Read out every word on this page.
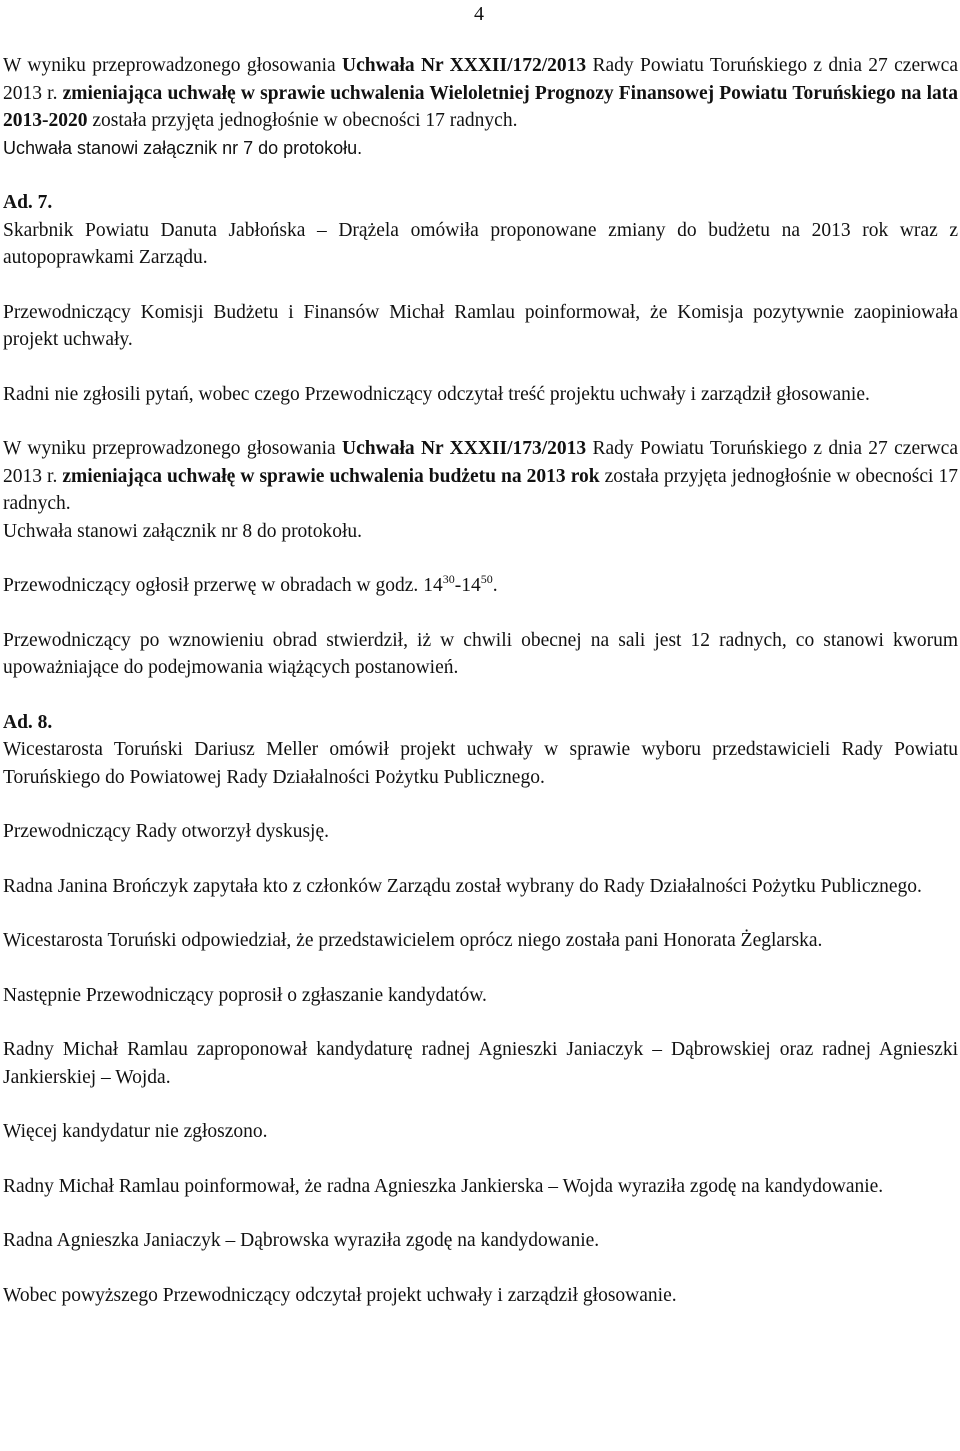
4

W wyniku przeprowadzonego głosowania Uchwała Nr XXXII/172/2013 Rady Powiatu Toruńskiego z dnia 27 czerwca 2013 r. zmieniająca uchwałę w sprawie uchwalenia Wieloletniej Prognozy Finansowej Powiatu Toruńskiego na lata 2013-2020 została przyjęta jednogłośnie w obecności 17 radnych.

Uchwała stanowi załącznik nr 7 do protokołu.

Ad. 7.

Skarbnik Powiatu Danuta Jabłońska – Drążela omówiła proponowane zmiany do budżetu na 2013 rok wraz z autopoprawkami Zarządu.

Przewodniczący Komisji Budżetu i Finansów Michał Ramlau poinformował, że Komisja pozytywnie zaopiniowała projekt uchwały.

Radni nie zgłosili pytań, wobec czego Przewodniczący odczytał treść projektu uchwały i zarządził głosowanie.

W wyniku przeprowadzonego głosowania Uchwała Nr XXXII/173/2013 Rady Powiatu Toruńskiego z dnia 27 czerwca 2013 r. zmieniająca uchwałę w sprawie uchwalenia budżetu na 2013 rok została przyjęta jednogłośnie w obecności 17 radnych.

Uchwała stanowi załącznik nr 8 do protokołu.

Przewodniczący ogłosił przerwę w obradach w godz. $14^{30}-14^{50}$.

Przewodniczący po wznowieniu obrad stwierdził, iż w chwili obecnej na sali jest 12 radnych, co stanowi kworum upoważniające do podejmowania wiążących postanowień.

Ad. 8.

Wicestarosta Toruński Dariusz Meller omówił projekt uchwały w sprawie wyboru przedstawicieli Rady Powiatu Toruńskiego do Powiatowej Rady Działalności Pożytku Publicznego.

Przewodniczący Rady otworzył dyskusję.

Radna Janina Brończyk zapytała kto z członków Zarządu został wybrany do Rady Działalności Pożytku Publicznego.

Wicestarosta Toruński odpowiedział, że przedstawicielem oprócz niego została pani Honorata Żeglarska.

Następnie Przewodniczący poprosił o zgłaszanie kandydatów.

Radny Michał Ramlau zaproponował kandydaturę radnej Agnieszki Janiaczyk – Dąbrowskiej oraz radnej Agnieszki Jankierskiej – Wojda.

Więcej kandydatur nie zgłoszono.

Radny Michał Ramlau poinformował, że radna Agnieszka Jankierska – Wojda wyraziła zgodę na kandydowanie.

Radna Agnieszka Janiaczyk – Dąbrowska wyraziła zgodę na kandydowanie.

Wobec powyższego Przewodniczący odczytał projekt uchwały i zarządził głosowanie.
